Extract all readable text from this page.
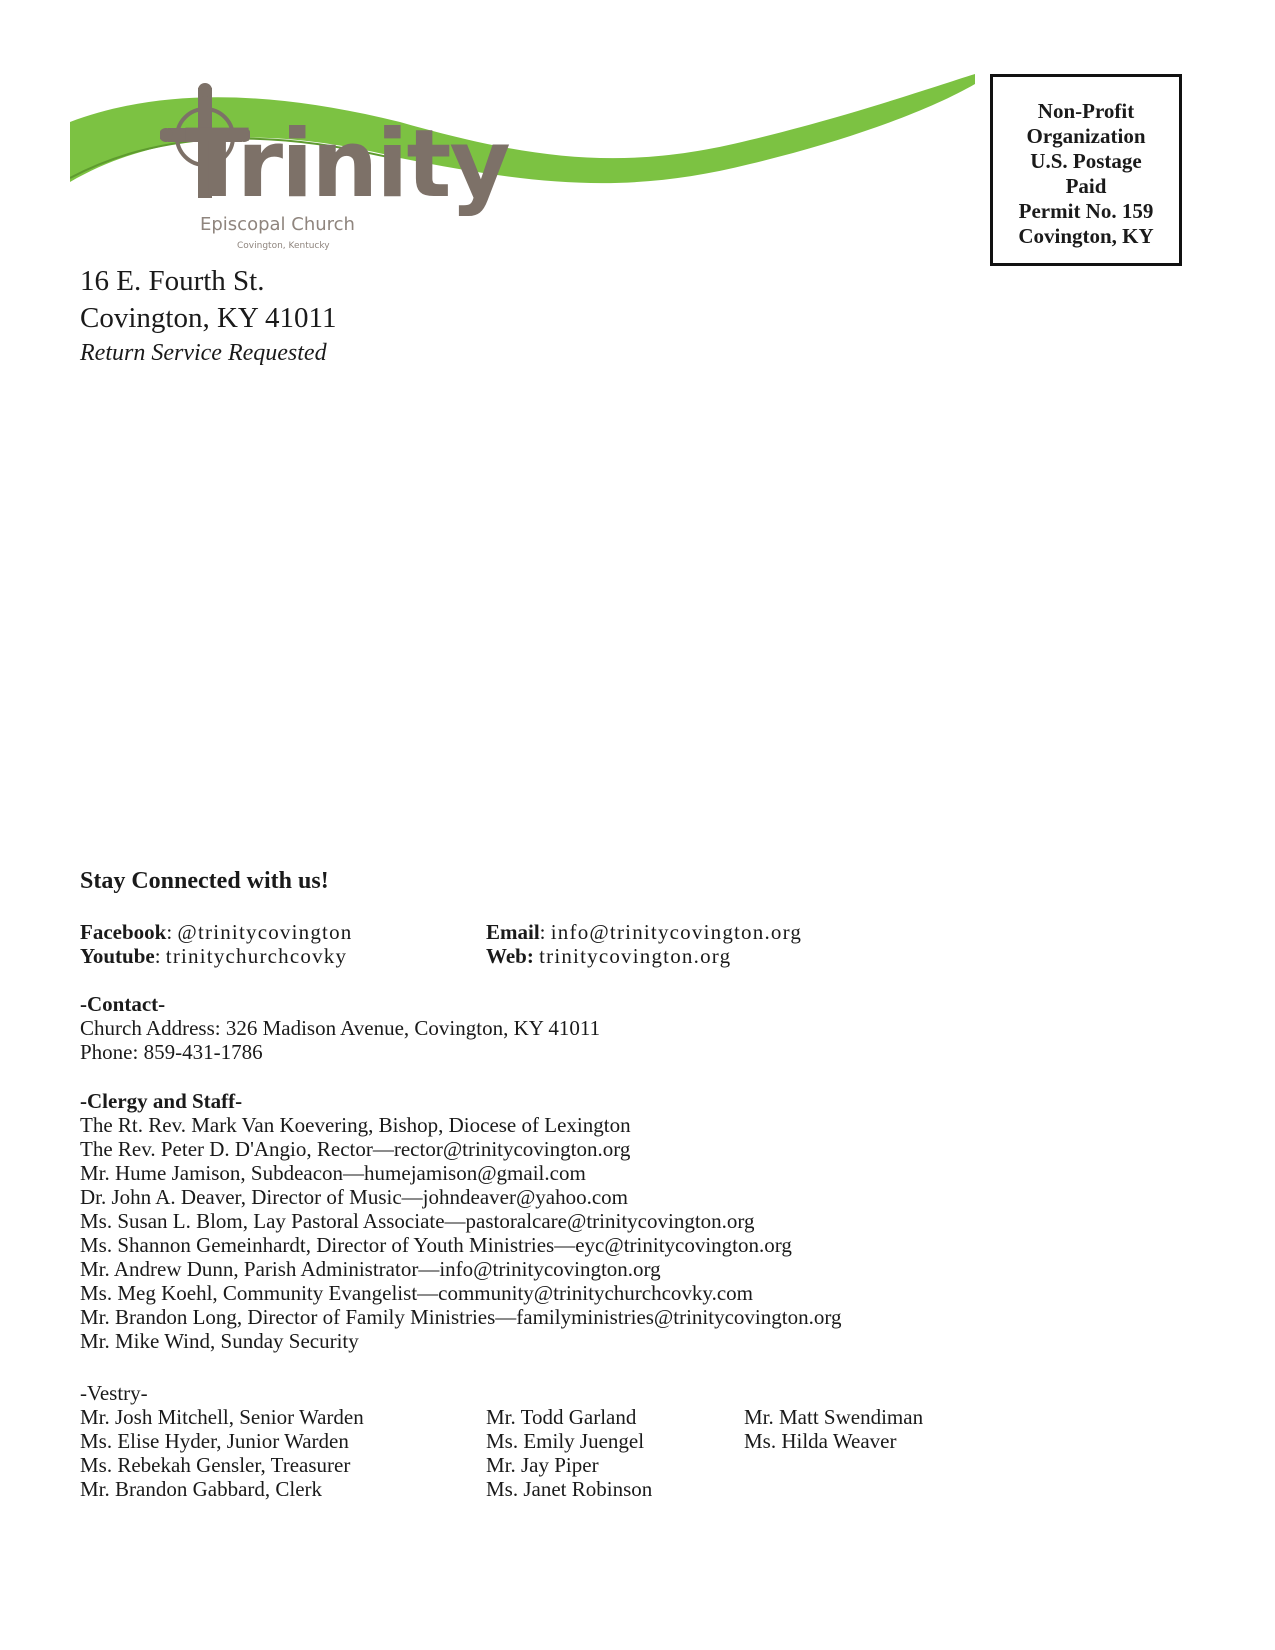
Trinity
Episcopal Church
Covington, Kentucky
Non-Profit
Organization
U.S. Postage
Paid
Permit No. 159
Covington, KY
16 E. Fourth St.
Covington, KY 41011
Return Service Requested
Stay Connected with us!
Facebook: @trinitycovington
Youtube: trinitychurchcovky
Email: info@trinitycovington.org
Web: trinitycovington.org
-Contact-
Church Address: 326 Madison Avenue, Covington, KY 41011
Phone: 859-431-1786
-Clergy and Staff-
The Rt. Rev. Mark Van Koevering, Bishop, Diocese of Lexington
The Rev. Peter D. D'Angio, Rector—rector@trinitycovington.org
Mr. Hume Jamison, Subdeacon—humejamison@gmail.com
Dr. John A. Deaver, Director of Music—johndeaver@yahoo.com
Ms. Susan L. Blom, Lay Pastoral Associate—pastoralcare@trinitycovington.org
Ms. Shannon Gemeinhardt, Director of Youth Ministries—eyc@trinitycovington.org
Mr. Andrew Dunn, Parish Administrator—info@trinitycovington.org
Ms. Meg Koehl, Community Evangelist—community@trinitychurchcovky.com
Mr. Brandon Long, Director of Family Ministries—familyministries@trinitycovington.org
Mr. Mike Wind, Sunday Security
-Vestry-
Mr. Josh Mitchell, Senior Warden
Ms. Elise Hyder, Junior Warden
Ms. Rebekah Gensler, Treasurer
Mr. Brandon Gabbard, Clerk
Mr. Todd Garland
Ms. Emily Juengel
Mr. Jay Piper
Ms. Janet Robinson
Mr. Matt Swendiman
Ms. Hilda Weaver
